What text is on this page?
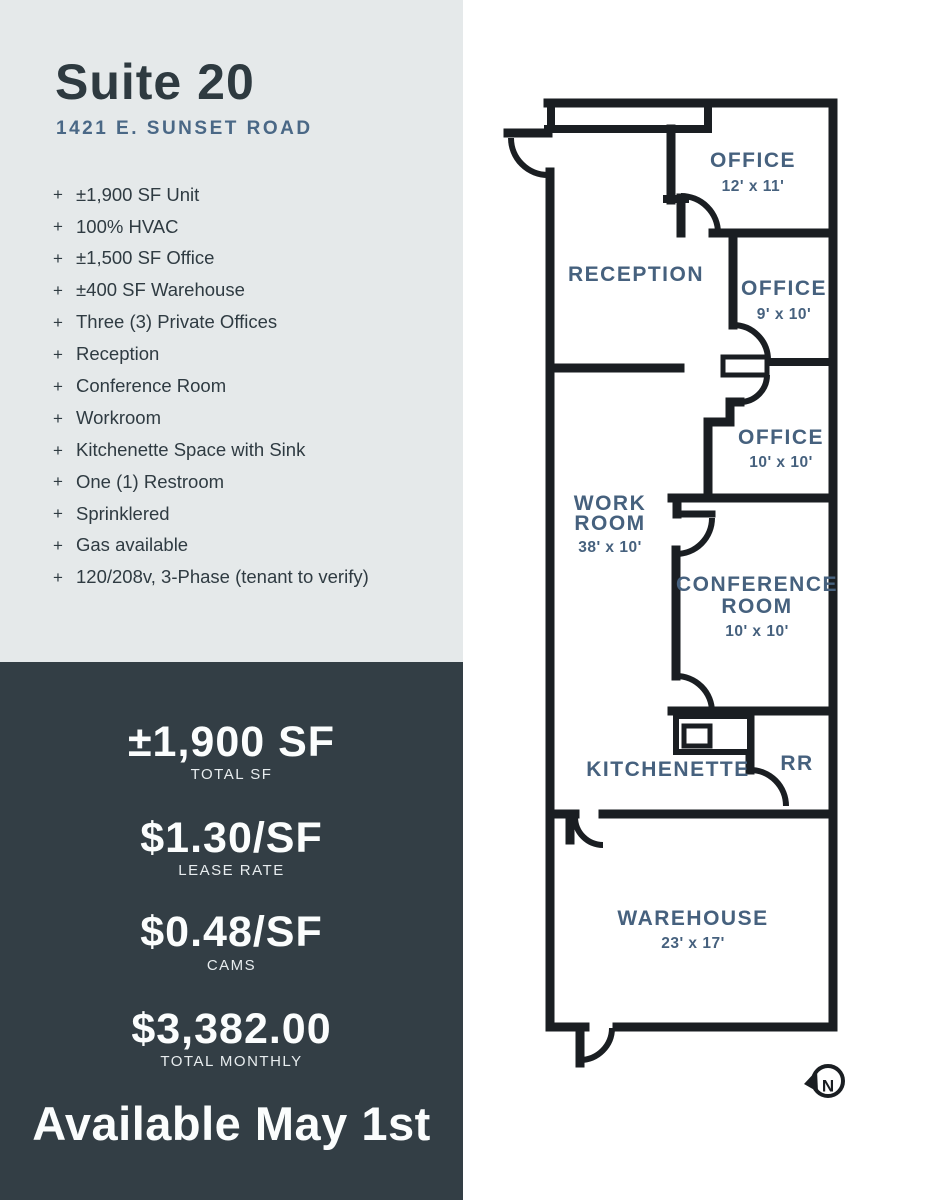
Suite 20
1421 E. SUNSET ROAD
+ ±1,900 SF Unit
+ 100% HVAC
+ ±1,500 SF Office
+ ±400 SF Warehouse
+ Three (3) Private Offices
+ Reception
+ Conference Room
+ Workroom
+ Kitchenette Space with Sink
+ One (1) Restroom
+ Sprinklered
+ Gas available
+ 120/208v, 3-Phase (tenant to verify)
±1,900 SF
TOTAL SF
$1.30/SF
LEASE RATE
$0.48/SF
CAMS
$3,382.00
TOTAL MONTHLY
Available May 1st
N
OFFICE
12' x 11'
RECEPTION
OFFICE
9' x 10'
OFFICE
10' x 10'
WORK
ROOM
38' x 10'
CONFERENCE
ROOM
10' x 10'
KITCHENETTE RR
WAREHOUSE
23' x 17'
